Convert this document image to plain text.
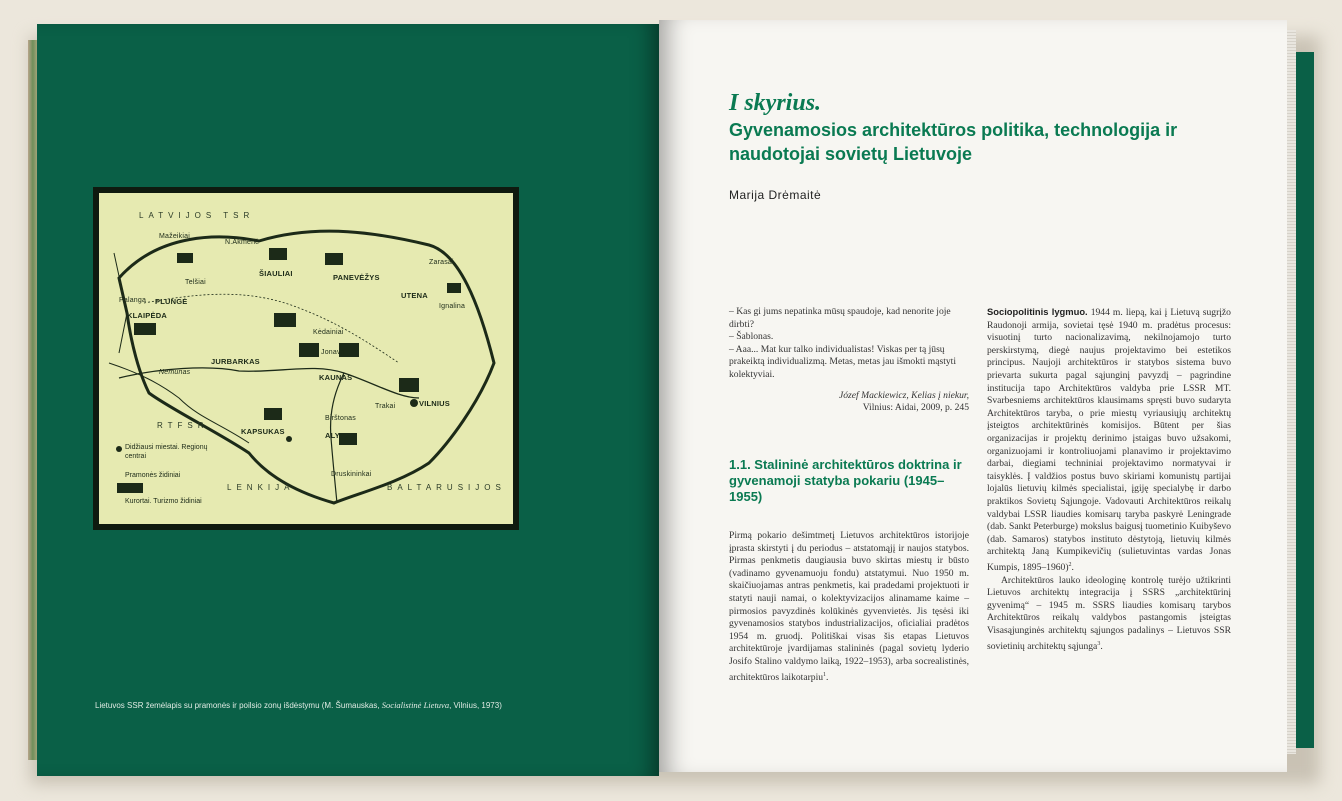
LATVIJOS TSR
Mažeikiai
N.Akmenė
Telšiai
ŠIAULIAI	PANEVĖŽYS
UTENA
Zarasai
Ignalina
Palanga PLUNGĖ
KLAIPĖDA
Kėdainiai
Jonava
JURBARKAS
KAUNAS
Trakai	VILNIUS
Birštonas
KAPSUKAS	ALYTUS
Druskininkai
Nemunas
RTFSR
LENKIJA	BALTARUSIJOS
Didžiausi miestai. Regionų centrai
Pramonės židiniai
Kurortai. Turizmo židiniai
Lietuvos SSR žemėlapis su pramonės ir poilsio zonų išdėstymu (M. Šumauskas, Socialistinė Lietuva, Vilnius, 1973)
I skyrius.
Gyvenamosios architektūros politika, technologija ir naudotojai sovietų Lietuvoje
Marija Drėmaitė
– Kas gi jums nepatinka mūsų spaudoje, kad nenorite joje dirbti?
– Šablonas.
– Aaa... Mat kur talko individualistas! Viskas per tą jūsų prakeiktą individualizmą. Metas, metas jau išmokti mąstyti kolektyviai.
Józef Mackiewicz, Kelias į niekur,
Vilnius: Aidai, 2009, p. 245
1.1. Stalininė architektūros doktrina ir gyvenamoji statyba pokariu (1945–1955)

Pirmą pokario dešimtmetį Lietuvos architektūros istorijoje įprasta skirstyti į du periodus – atstatomąjį ir naujos statybos. Pirmas penkmetis daugiausia buvo skirtas miestų ir būsto (vadinamo gyvenamuoju fondu) atstatymui. Nuo 1950 m. skaičiuojamas antras penkmetis, kai pradedami projektuoti ir statyti nauji namai, o kolektyvizacijos alinamame kaime – pirmosios pavyzdinės kolūkinės gyvenvietės. Jis tęsėsi iki gyvenamosios statybos industrializacijos, oficialiai pradėtos 1954 m. gruodį. Politiškai visas šis etapas Lietuvos architektūroje įvardijamas stalininės (pagal sovietų lyderio Josifo Stalino valdymo laiką, 1922–1953), arba socrealistinės, architektūros laikotarpiu$^1$.

Sociopolitinis lygmuo. 1944 m. liepą, kai į Lietuvą sugrįžo Raudonoji armija, sovietai tęsė 1940 m. pradėtus procesus: visuotinį turto nacionalizavimą, nekilnojamojo turto perskirstymą, diegė naujus projektavimo bei estetikos principus. Naujoji architektūros ir statybos sistema buvo prievarta sukurta pagal sąjunginį pavyzdį – pagrindine institucija tapo Architektūros valdyba prie LSSR MT. Svarbesniems architektūros klausimams spręsti buvo sudaryta Architektūros taryba, o prie miestų vyriausiųjų architektų įsteigtos architektūrinės komisijos. Būtent per šias organizacijas ir projektų derinimo įstaigas buvo užsakomi, organizuojami ir kontroliuojami planavimo ir projektavimo darbai, diegiami techniniai projektavimo normatyvai ir taisyklės. Į valdžios postus buvo skiriami komunistų partijai lojalūs lietuvių kilmės specialistai, įgiję specialybę ir darbo praktikos Sovietų Sąjungoje. Vadovauti Architektūros reikalų valdybai LSSR liaudies komisarų taryba paskyrė Leningrade (dab. Sankt Peterburge) mokslus baigusį tuometinio Kuibyševo (dab. Samaros) statybos instituto dėstytoją, lietuvių kilmės architektą Janą Kumpikevičių (sulietuvintas vardas Jonas Kumpis, 1895–1960)$^2$.

Architektūros lauko ideologinę kontrolę turėjo užtikrinti Lietuvos architektų integracija į SSRS „architektūrinį gyvenimą“ – 1945 m. SSRS liaudies komisarų tarybos Architektūros reikalų valdybos pastangomis įsteigtas Visasąjunginės architektų sąjungos padalinys – Lietuvos SSR sovietinių architektų sąjunga$^3$.
